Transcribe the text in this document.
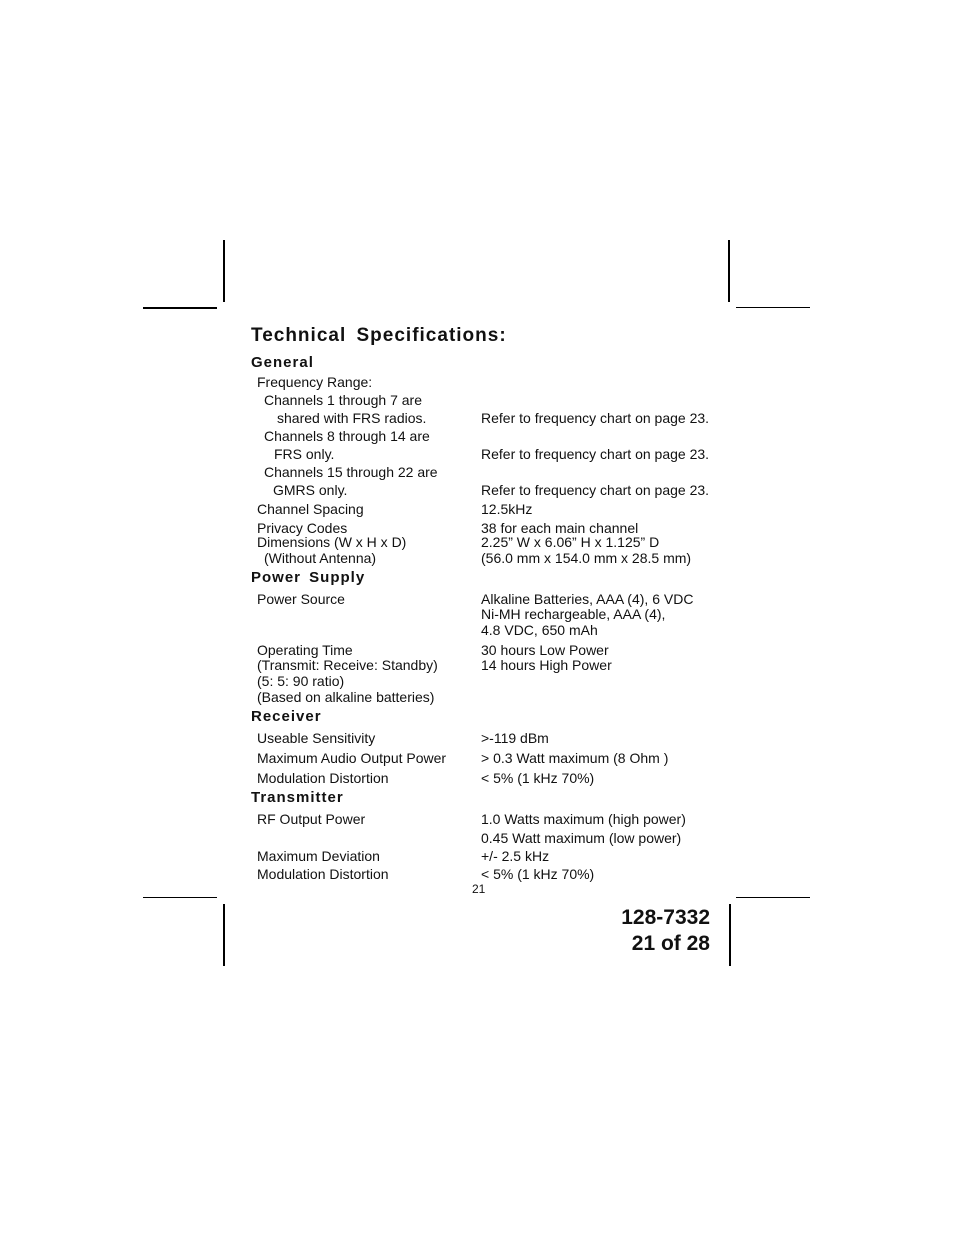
Technical Specifications:
General
Frequency Range:
Channels 1 through 7 are
shared with FRS radios.	Refer to frequency chart on page 23.
Channels 8 through 14 are
FRS only.	Refer to frequency chart on page 23.
Channels 15 through 22 are
GMRS only.	Refer to frequency chart on page 23.
Channel Spacing	12.5kHz
Privacy Codes	38 for each main channel
Dimensions (W x H x D)	2.25” W x 6.06” H x 1.125” D
(Without Antenna)	(56.0 mm x 154.0 mm x 28.5 mm)
Power Supply
Power Source	Alkaline Batteries, AAA (4), 6 VDC
Ni-MH rechargeable, AAA (4),
4.8 VDC, 650 mAh
Operating Time	30 hours Low Power
(Transmit: Receive: Standby)	14 hours High Power
(5: 5: 90 ratio)
(Based on alkaline batteries)
Receiver
Useable Sensitivity	>-119 dBm
Maximum Audio Output Power > 0.3 Watt maximum (8 Ohm )
Modulation Distortion	< 5% (1 kHz 70%)
Transmitter
RF Output Power	1.0 Watts maximum (high power)
0.45 Watt maximum (low power)
Maximum Deviation	+/- 2.5 kHz
Modulation Distortion	< 5% (1 kHz 70%)
21
128-7332
21 of 28
